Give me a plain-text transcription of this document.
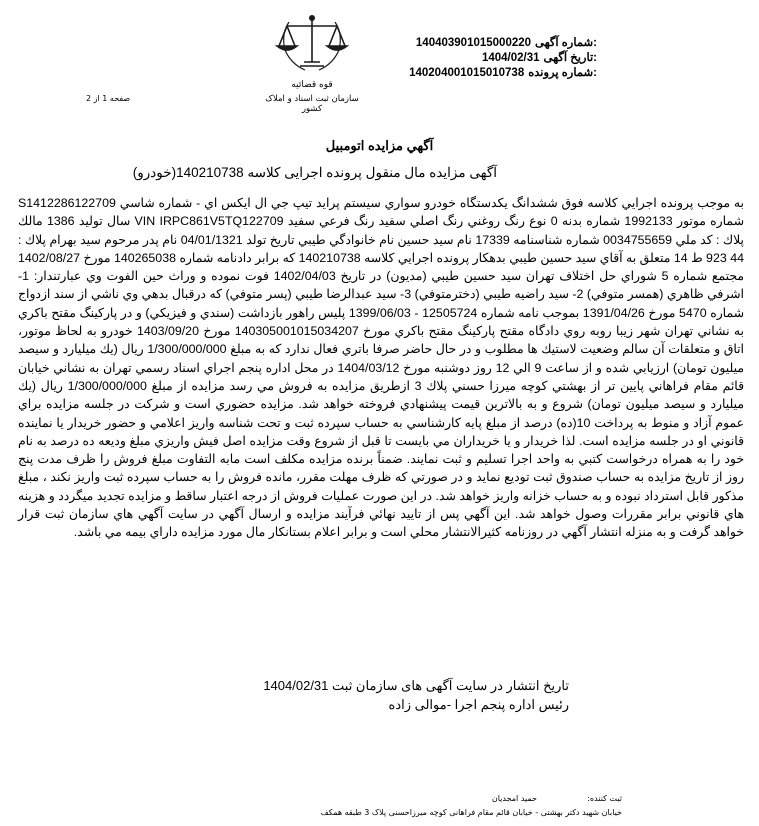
قوه قضائیه
سازمان ثبت اسناد و املاک کشور
شماره آگهی:
140403901015000220
تاریخ آگهی:
1404/02/31
شماره پرونده:
140204001015010738
صفحه 1 از 2
آگهي مزايده اتومبيل
آگهی مزایده مال منقول پرونده اجرایی کلاسه 140210738(خودرو)
به موجب پرونده اجرايي كلاسه فوق ششدانگ يكدستگاه خودرو سواري سيستم پرايد تيپ جي ال ايكس اي - شماره شاسي S1412286122709 شماره موتور 1992133 شماره بدنه 0 نوع رنگ روغني رنگ اصلي سفيد رنگ فرعي سفيد VIN IRPC861V5TQ122709 سال توليد 1386 مالك پلاك : كد ملي 0034755659 شماره شناسنامه 17339 نام سيد حسين نام خانوادگي طيبي تاريخ تولد 04/01/1321 نام پدر مرحوم سيد بهرام پلاك : 44 923 ط 14 متعلق به آقاي سيد حسين طيبي بدهكار پرونده اجرايي كلاسه 140210738 كه برابر دادنامه شماره 140265038 مورخ 1402/08/27 مجتمع شماره 5 شوراي حل اختلاف تهران سيد حسين طيبي (مديون) در تاريخ 1402/04/03 فوت نموده و وراث حين الفوت وي عبارتندار: 1- اشرفي ظاهري (همسر متوفي) 2- سيد راضيه طيبي (دخترمتوفي) 3- سيد عبدالرضا طيبي (پسر متوفي) كه درقبال بدهي وي ناشي از سند ازدواج شماره 5470 مورخ 1391/04/26 بموجب نامه شماره 12505724 - 1399/06/03 پليس راهور بازداشت (سندي و فيزيكي) و در پاركينگ مقتح باكري به نشاني تهران شهر زيبا روبه روي دادگاه مقتح پاركينگ مقتح باكري مورخ 140305001015034207 مورخ 1403/09/20 خودرو به لحاظ موتور، اتاق و متعلقات آن سالم وضعيت لاستيك ها مطلوب و در حال حاضر صرفا باتري فعال ندارد كه به مبلغ 1/300/000/000 ريال (يك ميليارد و سيصد ميليون تومان) ارزيابي شده و از ساعت 9 الي 12 روز دوشنبه مورخ 1404/03/12 در محل اداره پنجم اجراي اسناد رسمي تهران به نشاني خيابان قائم مقام فراهاني پايين تر از بهشتي كوچه ميرزا حسني پلاك 3 ازطريق مزايده به فروش مي رسد مزايده از مبلغ 1/300/000/000 ريال (يك ميليارد و سيصد ميليون تومان) شروع و به بالاترين قيمت پيشنهادي فروخته خواهد شد. مزايده حضوري است و شركت در جلسه مزايده براي عموم آزاد و منوط به پرداخت 10(ده) درصد از مبلغ پايه كارشناسي به حساب سپرده ثبت و تحت شناسه واريز اعلامي و حضور خريدار يا نماينده قانوني او در جلسه مزايده است. لذا خريدار و يا خريداران مي بايست تا قبل از شروع وقت مزايده اصل فيش واريزي مبلغ وديعه ده درصد به نام خود را به همراه درخواست كتبي به واحد اجرا تسليم و ثبت نمايند. ضمناً برنده مزايده مكلف است مابه التفاوت مبلغ فروش را ظرف مدت پنج روز از تاريخ مزايده به حساب صندوق ثبت توديع نمايد و در صورتي كه ظرف مهلت مقرر، مانده فروش را به حساب سپرده ثبت واريز نكند ، مبلغ مذكور قابل استرداد نبوده و به حساب خزانه واريز خواهد شد. در اين صورت عمليات فروش از درجه اعتبار ساقط و مزايده تجديد ميگردد و هزينه هاي قانوني برابر مقررات وصول خواهد شد. اين آگهي پس از تاييد نهائي فرآيند مزايده و ارسال آگهي در سايت آگهي هاي سازمان ثبت قرار خواهد گرفت و به منزله انتشار آگهي در روزنامه كثيرالانتشار محلي است و برابر اعلام بستانكار مال مورد مزايده داراي بيمه مي باشد.
تاريخ انتشار در سايت آگهی های سازمان ثبت 1404/02/31
رئيس اداره پنجم اجرا -موالی زاده
ثبت کننده:
حمید امجدیان
خیابان شهید دکتر بهشتی - خیابان قائم مقام فراهانی کوچه میرزاحسنی پلاک 3 طبقه همکف
